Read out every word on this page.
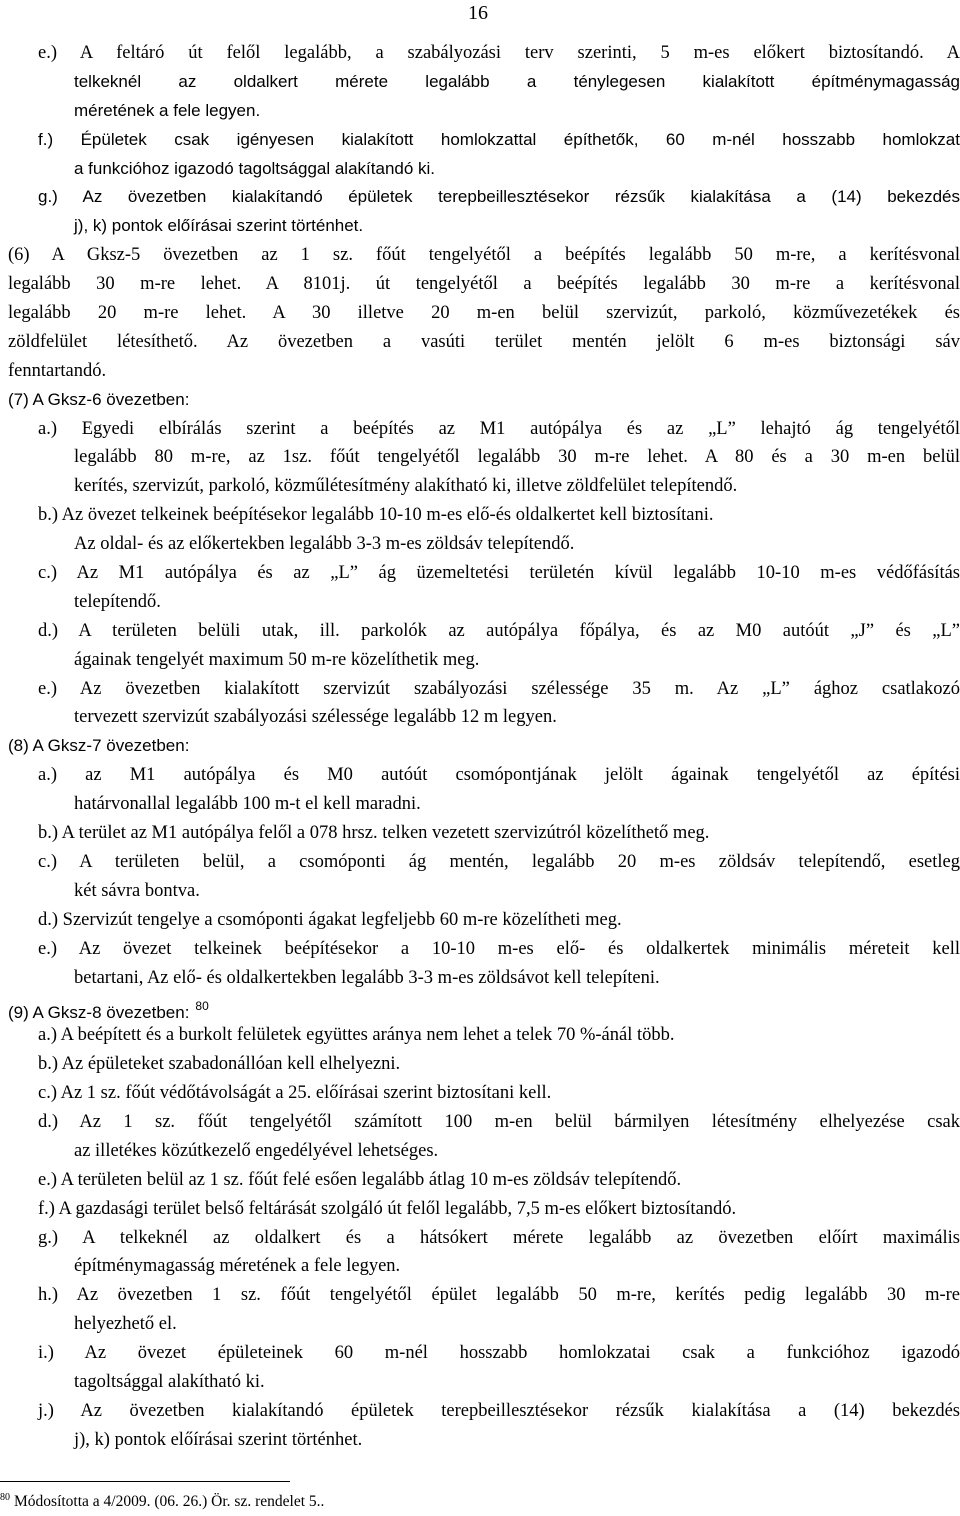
16
e.) A feltáró út felől legalább, a szabályozási terv szerinti, 5 m-es előkert biztosítandó. A
telkeknél az oldalkert mérete legalább a ténylegesen kialakított építménymagasság
méretének a fele legyen.
f.) Épületek csak igényesen kialakított homlokzattal építhetők, 60 m-nél hosszabb homlokzat
a funkcióhoz igazodó tagoltsággal alakítandó ki.
g.) Az övezetben kialakítandó épületek terepbeillesztésekor rézsűk kialakítása a (14) bekezdés
j), k) pontok előírásai szerint történhet.
(6) A Gksz-5 övezetben az 1 sz. főút tengelyétől a beépítés legalább 50 m-re, a kerítésvonal
legalább 30 m-re lehet. A 8101j. út tengelyétől a beépítés legalább 30 m-re a kerítésvonal
legalább 20 m-re lehet. A 30 illetve 20 m-en belül szervizút, parkoló, közművezetékek és
zöldfelület létesíthető. Az övezetben a vasúti terület mentén jelölt 6 m-es biztonsági sáv
fenntartandó.
(7) A Gksz-6 övezetben:
a.) Egyedi elbírálás szerint a beépítés az M1 autópálya és az „L” lehajtó ág tengelyétől
legalább 80 m-re, az 1sz. főút tengelyétől legalább 30 m-re lehet. A 80 és a 30 m-en belül
kerítés, szervizút, parkoló, közműlétesítmény alakítható ki, illetve zöldfelület telepítendő.
b.) Az övezet telkeinek beépítésekor legalább 10-10 m-es elő-és oldalkertet kell biztosítani.
Az oldal- és az előkertekben legalább 3-3 m-es zöldsáv telepítendő.
c.) Az M1 autópálya és az „L” ág üzemeltetési területén kívül legalább 10-10 m-es védőfásítás
telepítendő.
d.) A területen belüli utak, ill. parkolók az autópálya főpálya, és az M0 autóút „J” és „L”
ágainak tengelyét maximum 50 m-re közelíthetik meg.
e.) Az övezetben kialakított szervizút szabályozási szélessége 35 m. Az „L” ághoz csatlakozó
tervezett szervizút szabályozási szélessége legalább 12 m legyen.
(8) A Gksz-7 övezetben:
a.) az M1 autópálya és M0 autóút csomópontjának jelölt ágainak tengelyétől az építési
határvonallal legalább 100 m-t el kell maradni.
b.) A terület az M1 autópálya felől a 078 hrsz. telken vezetett szervizútról közelíthető meg.
c.) A területen belül, a csomóponti ág mentén, legalább 20 m-es zöldsáv telepítendő, esetleg
két sávra bontva.
d.) Szervizút tengelye a csomóponti ágakat legfeljebb 60 m-re közelítheti meg.
e.) Az övezet telkeinek beépítésekor a 10-10 m-es elő- és oldalkertek minimális méreteit kell
betartani, Az elő- és oldalkertekben legalább 3-3 m-es zöldsávot kell telepíteni.
(9) A Gksz-8 övezetben: $^{80}$
a.) A beépített és a burkolt felületek együttes aránya nem lehet a telek 70 %-ánál több.
b.) Az épületeket szabadonállóan kell elhelyezni.
c.) Az 1 sz. főút védőtávolságát a 25. előírásai szerint biztosítani kell.
d.) Az 1 sz. főút tengelyétől számított 100 m-en belül bármilyen létesítmény elhelyezése csak
az illetékes közútkezelő engedélyével lehetséges.
e.) A területen belül az 1 sz. főút felé esően legalább átlag 10 m-es zöldsáv telepítendő.
f.) A gazdasági terület belső feltárását szolgáló út felől legalább, 7,5 m-es előkert biztosítandó.
g.) A telkeknél az oldalkert és a hátsókert mérete legalább az övezetben előírt maximális
építménymagasság méretének a fele legyen.
h.) Az övezetben 1 sz. főút tengelyétől épület legalább 50 m-re, kerítés pedig legalább 30 m-re
helyezhető el.
i.) Az övezet épületeinek 60 m-nél hosszabb homlokzatai csak a funkcióhoz igazodó
tagoltsággal alakítható ki.
j.) Az övezetben kialakítandó épületek terepbeillesztésekor rézsűk kialakítása a (14) bekezdés
j), k) pontok előírásai szerint történhet.
$^{80}$ Módosította a 4/2009. (06. 26.) Ör. sz. rendelet 5..
